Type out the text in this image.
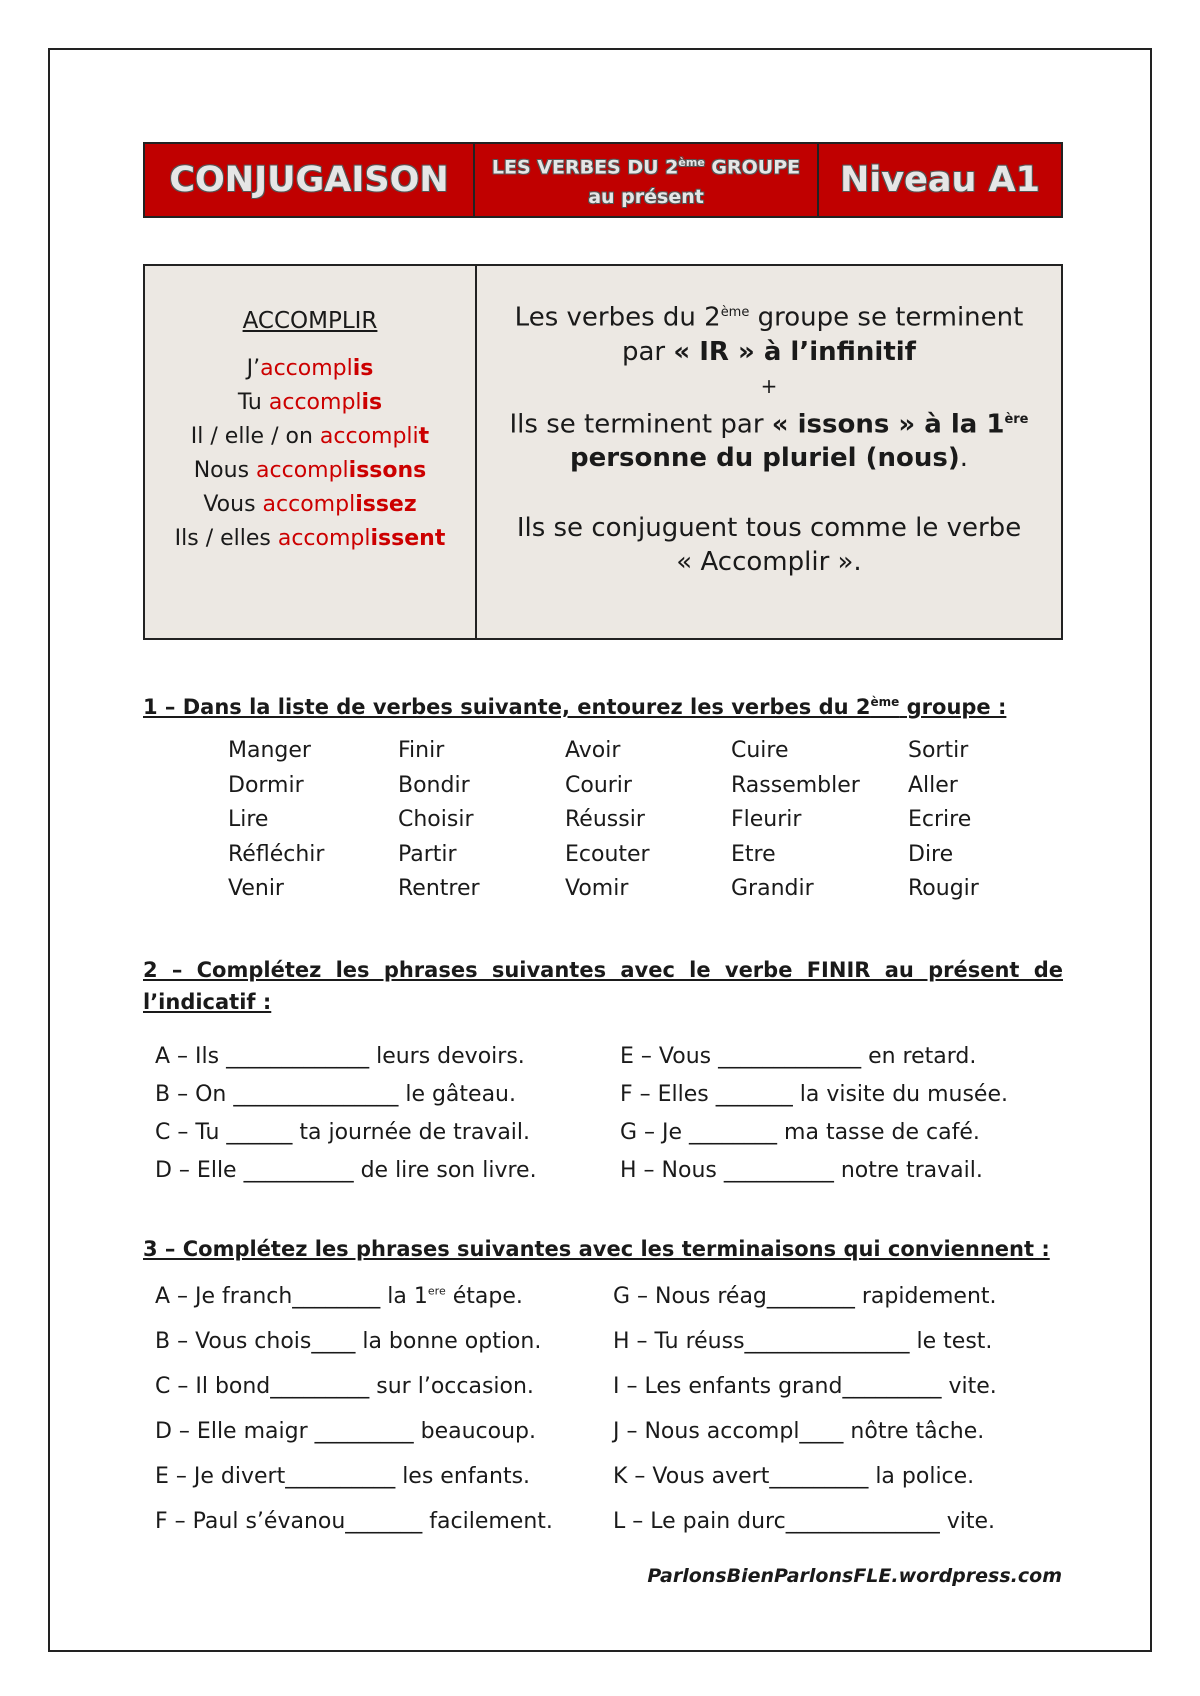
CONJUGAISON	LES VERBES DU 2ème GROUPE
au présent	Niveau A1
ACCOMPLIR
J’accomplis
Tu accomplis
Il / elle / on accomplit
Nous accomplissons
Vous accomplissez
Ils / elles accomplissent

Les verbes du 2ème groupe se terminent

par « IR » à l’infinitif

+

Ils se terminent par « issons » à la 1ère

personne du pluriel (nous).

Ils se conjuguent tous comme le verbe

« Accomplir ».

1 – Dans la liste de verbes suivante, entourez les verbes du 2ème groupe :
Manger
Dormir
Lire
Réfléchir
Venir
Finir
Bondir
Choisir
Partir
Rentrer
Avoir
Courir
Réussir
Ecouter
Vomir
Cuire
Rassembler
Fleurir
Etre
Grandir
Sortir
Aller
Ecrire
Dire
Rougir
2 – Complétez les phrases suivantes avec le verbe FINIR au présent de l’indicatif :
A – Ils _____________ leurs devoirs.
B – On _______________ le gâteau.
C – Tu ______ ta journée de travail.
D – Elle __________ de lire son livre.
E – Vous _____________ en retard.
F – Elles _______ la visite du musée.
G – Je ________ ma tasse de café.
H – Nous __________ notre travail.
3 – Complétez les phrases suivantes avec les terminaisons qui conviennent :
A – Je franch________ la 1ere étape.
B – Vous chois____ la bonne option.
C – Il bond_________ sur l’occasion.
D – Elle maigr _________ beaucoup.
E – Je divert__________ les enfants.
F – Paul s’évanou_______ facilement.
G – Nous réag________ rapidement.
H – Tu réuss_______________ le test.
I – Les enfants grand_________ vite.
J – Nous accompl____ nôtre tâche.
K – Vous avert_________ la police.
L – Le pain durc______________ vite.
ParlonsBienParlonsFLE.wordpress.com
